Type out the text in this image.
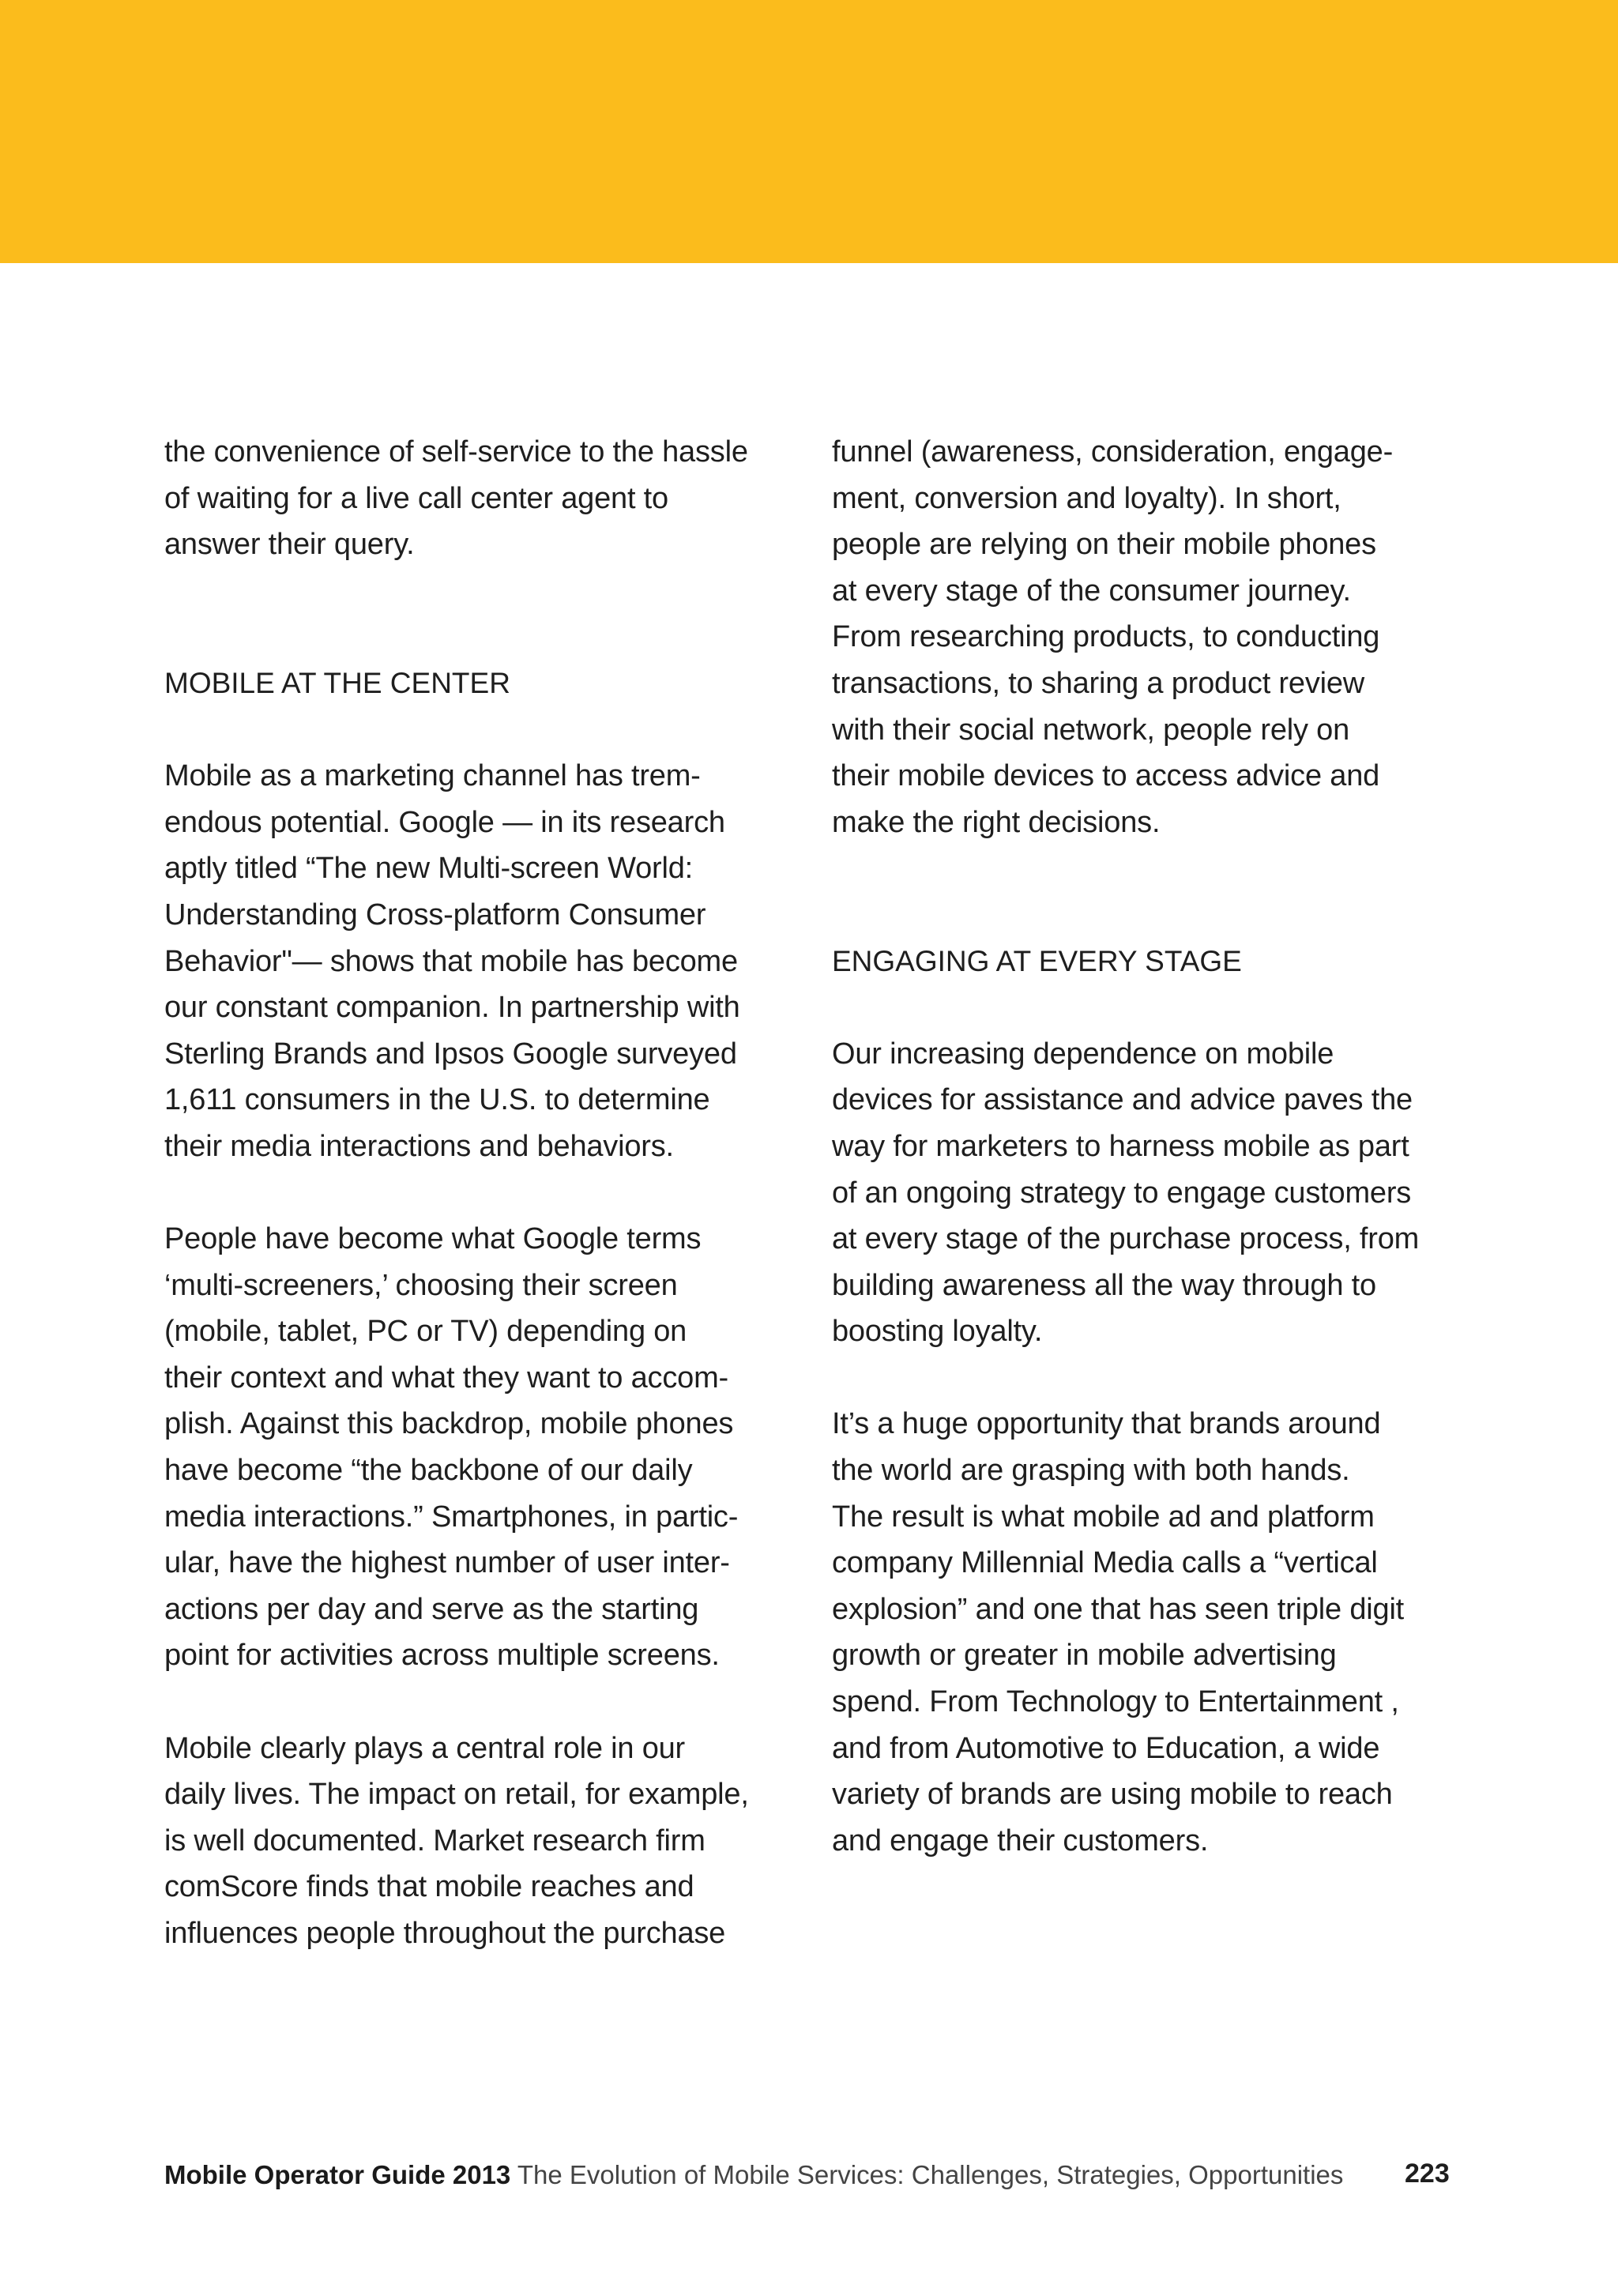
the convenience of self-service to the hassle
of waiting for a live call center agent to
answer their query.
MOBILE AT THE CENTER
Mobile as a marketing channel has trem-
endous potential. Google — in its research
aptly titled “The new Multi-screen World:
Understanding Cross-platform Consumer
Behavior"— shows that mobile has become
our constant companion. In partnership with
Sterling Brands and Ipsos Google surveyed
1,611 consumers in the U.S. to determine
their media interactions and behaviors.
People have become what Google terms
‘multi-screeners,’ choosing their screen
(mobile, tablet, PC or TV) depending on
their context and what they want to accom-
plish. Against this backdrop, mobile phones
have become “the backbone of our daily
media interactions.” Smartphones, in partic-
ular, have the highest number of user inter-
actions per day and serve as the starting
point for activities across multiple screens.
Mobile clearly plays a central role in our
daily lives. The impact on retail, for example,
is well documented. Market research firm
comScore finds that mobile reaches and
influences people throughout the purchase
funnel (awareness, consideration, engage-
ment, conversion and loyalty). In short,
people are relying on their mobile phones
at every stage of the consumer journey.
From researching products, to conducting
transactions, to sharing a product review
with their social network, people rely on
their mobile devices to access advice and
make the right decisions.
ENGAGING AT EVERY STAGE
Our increasing dependence on mobile
devices for assistance and advice paves the
way for marketers to harness mobile as part
of an ongoing strategy to engage customers
at every stage of the purchase process, from
building awareness all the way through to
boosting loyalty.
It’s a huge opportunity that brands around
the world are grasping with both hands.
The result is what mobile ad and platform
company Millennial Media calls a “vertical
explosion” and one that has seen triple digit
growth or greater in mobile advertising
spend. From Technology to Entertainment ,
and from Automotive to Education, a wide
variety of brands are using mobile to reach
and engage their customers.
Mobile Operator Guide 2013 The Evolution of Mobile Services: Challenges, Strategies, Opportunities 223
